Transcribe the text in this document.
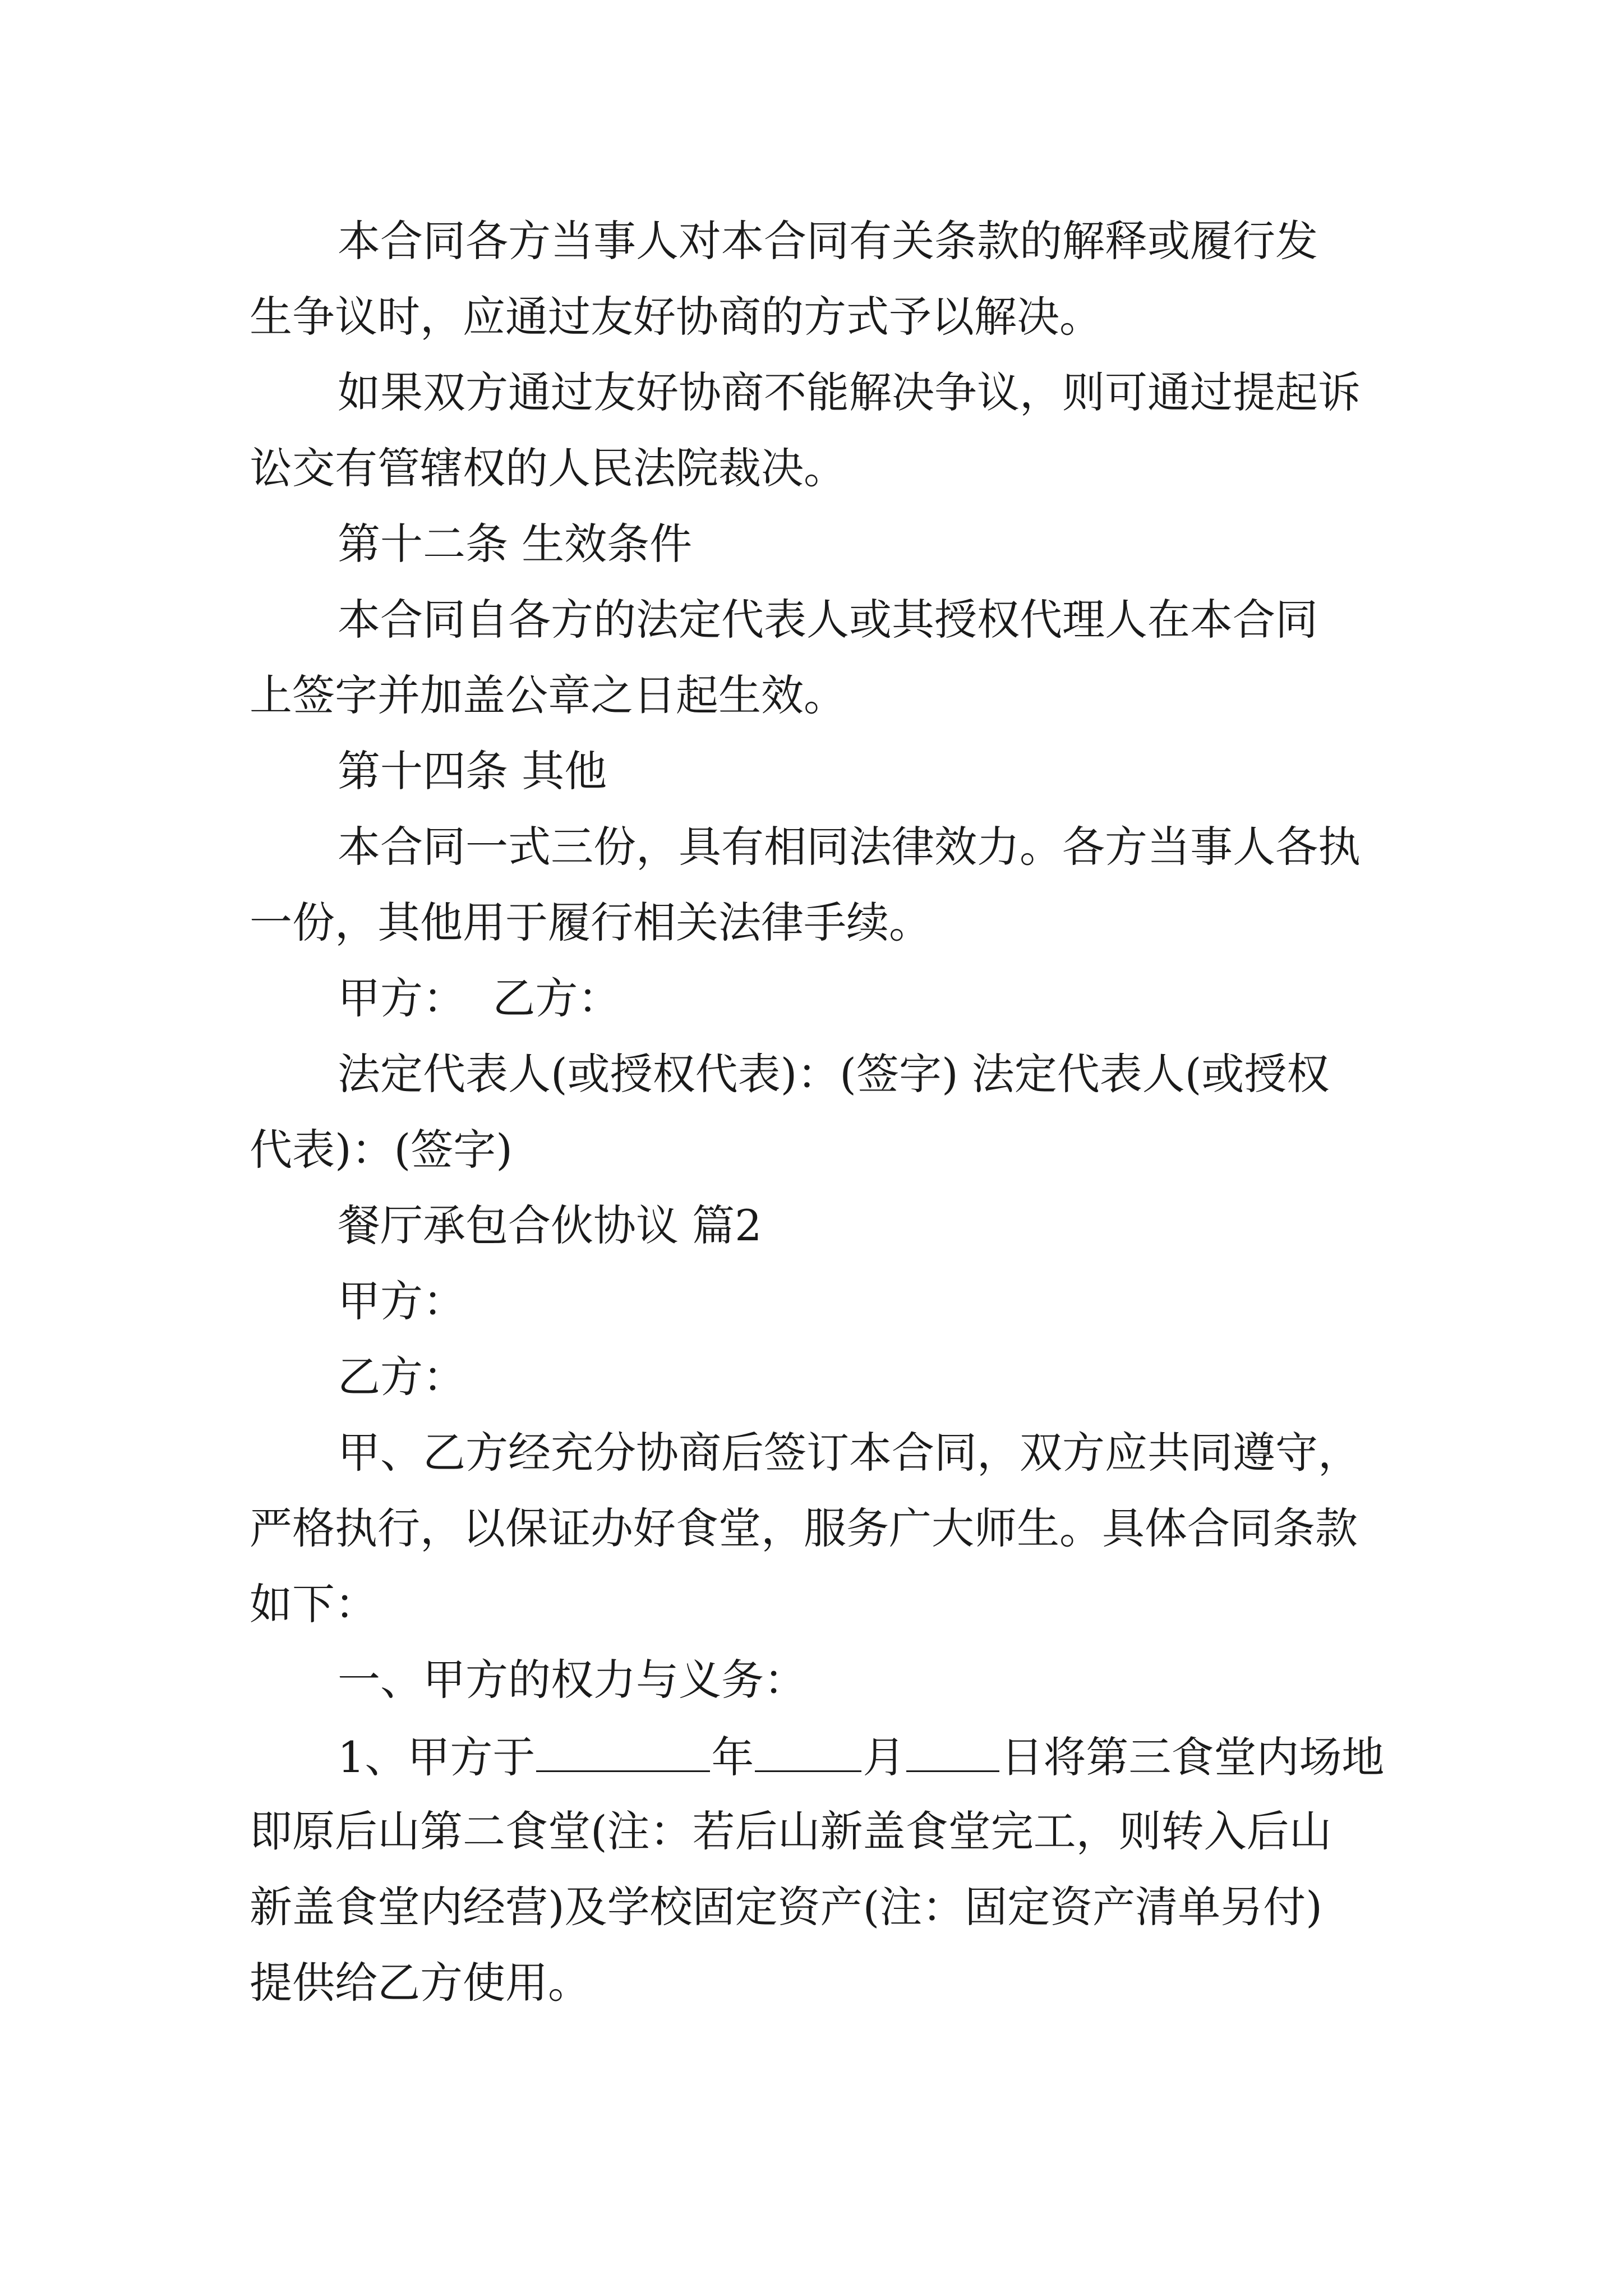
本合同各方当事人对本合同有关条款的解释或履行发
生争议时，应通过友好协商的方式予以解决。
如果双方通过友好协商不能解决争议，则可通过提起诉
讼交有管辖权的人民法院裁决。
第十二条 生效条件
本合同自各方的法定代表人或其授权代理人在本合同
上签字并加盖公章之日起生效。
第十四条 其他
本合同一式三份，具有相同法律效力。各方当事人各执
一份，其他用于履行相关法律手续。
甲方：  乙方：
法定代表人(或授权代表)：(签字) 法定代表人(或授权
代表)：(签字)
餐厅承包合伙协议 篇2
甲方：
乙方：
甲、乙方经充分协商后签订本合同，双方应共同遵守，
严格执行，以保证办好食堂，服务广大师生。具体合同条款
如下：
一、甲方的权力与义务：
1、甲方于	年	月 日将第三食堂内场地
即原后山第二食堂(注：若后山新盖食堂完工，则转入后山
新盖食堂内经营)及学校固定资产(注：固定资产清单另付)
提供给乙方使用。
